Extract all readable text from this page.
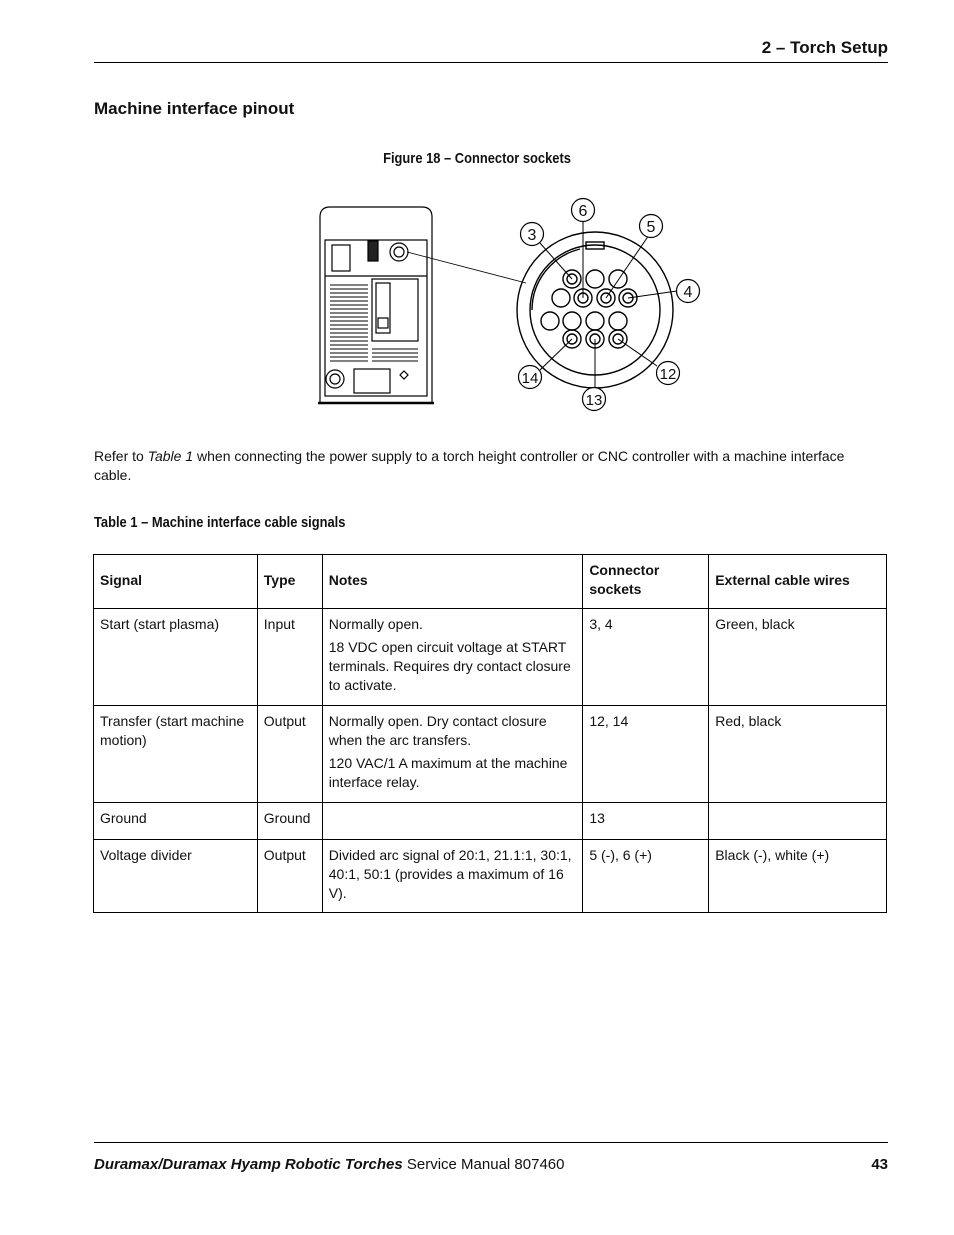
2 – Torch Setup
Machine interface pinout
Figure 18 – Connector sockets
6
5
3
4
14	12
13
Refer to Table 1 when connecting the power supply to a torch height controller or CNC controller with a machine interface cable.
Table 1 – Machine interface cable signals
Signal	Type	Notes	Connector sockets	External cable wires
Start (start plasma)	Input	Normally open.

18 VDC open circuit voltage at START terminals. Requires dry contact closure to activate.	3, 4	Green, black
Transfer (start machine motion)	Output	Normally open. Dry contact closure when the arc transfers.

120 VAC/1 A maximum at the machine interface relay.	12, 14	Red, black
Ground	Ground		13	
Voltage divider	Output	Divided arc signal of 20:1, 21.1:1, 30:1, 40:1, 50:1 (provides a maximum of 16 V).	5 (-), 6 (+)	Black (-), white (+)
Duramax/Duramax Hyamp Robotic Torches Service Manual 807460	43
